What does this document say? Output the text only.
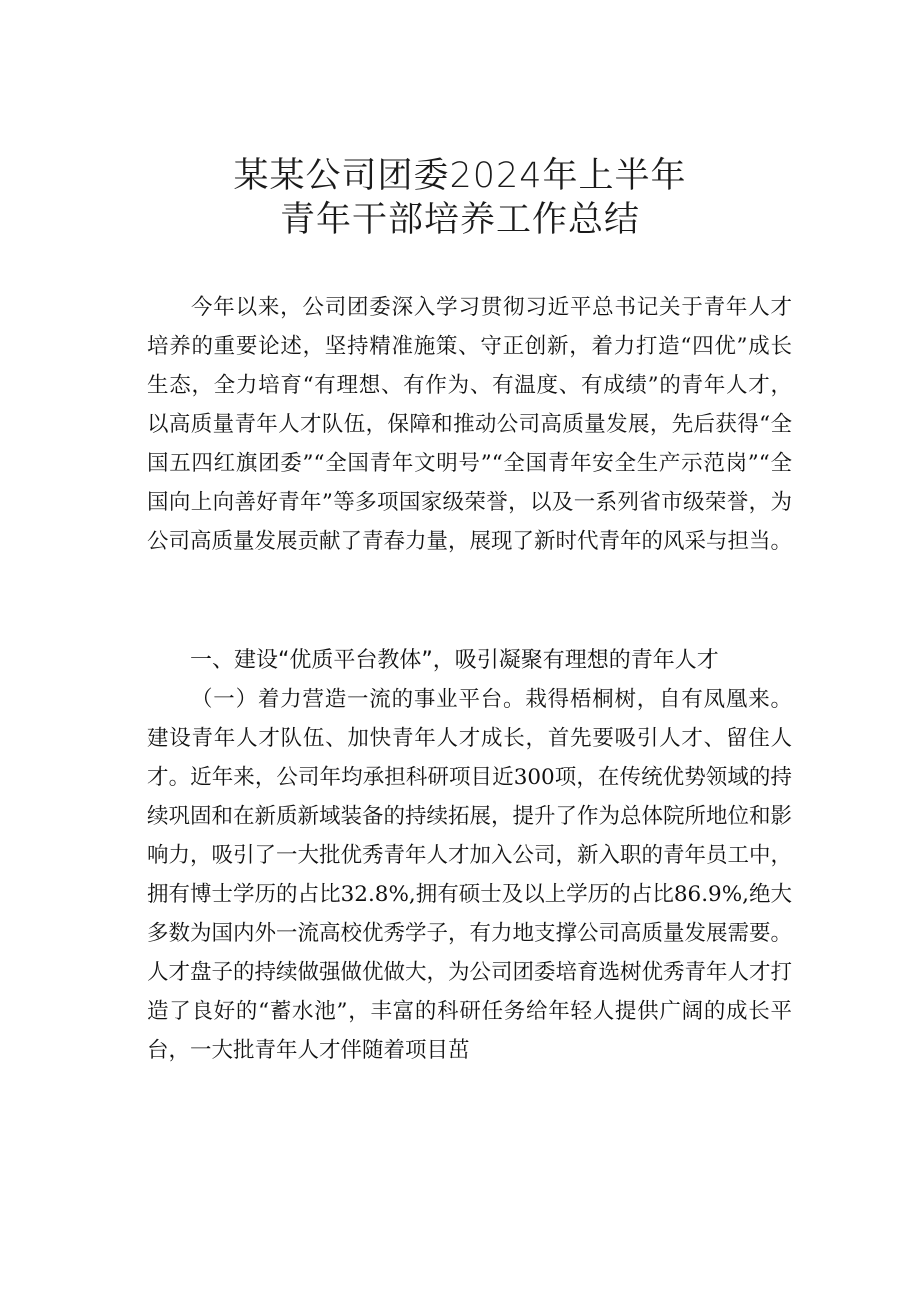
某某公司团委2024年上半年
青年干部培养工作总结
今年以来，公司团委深入学习贯彻习近平总书记关于青年人才培养的重要论述，坚持精准施策、守正创新，着力打造“四优”成长生态，全力培育“有理想、有作为、有温度、有成绩”的青年人才，以高质量青年人才队伍，保障和推动公司高质量发展，先后获得“全国五四红旗团委”“全国青年文明号”“全国青年安全生产示范岗”“全国向上向善好青年”等多项国家级荣誉，以及一系列省市级荣誉，为公司高质量发展贡献了青春力量，展现了新时代青年的风采与担当。
一、建设“优质平台教体”，吸引凝聚有理想的青年人才
（一）着力营造一流的事业平台。栽得梧桐树，自有凤凰来。建设青年人才队伍、加快青年人才成长，首先要吸引人才、留住人才。近年来，公司年均承担科研项目近300项，在传统优势领域的持续巩固和在新质新域装备的持续拓展，提升了作为总体院所地位和影响力，吸引了一大批优秀青年人才加入公司，新入职的青年员工中，拥有博士学历的占比32.8%,拥有硕士及以上学历的占比86.9%,绝大多数为国内外一流高校优秀学子，有力地支撑公司高质量发展需要。人才盘子的持续做强做优做大，为公司团委培育选树优秀青年人才打造了良好的“蓄水池”，丰富的科研任务给年轻人提供广阔的成长平台，一大批青年人才伴随着项目茁
